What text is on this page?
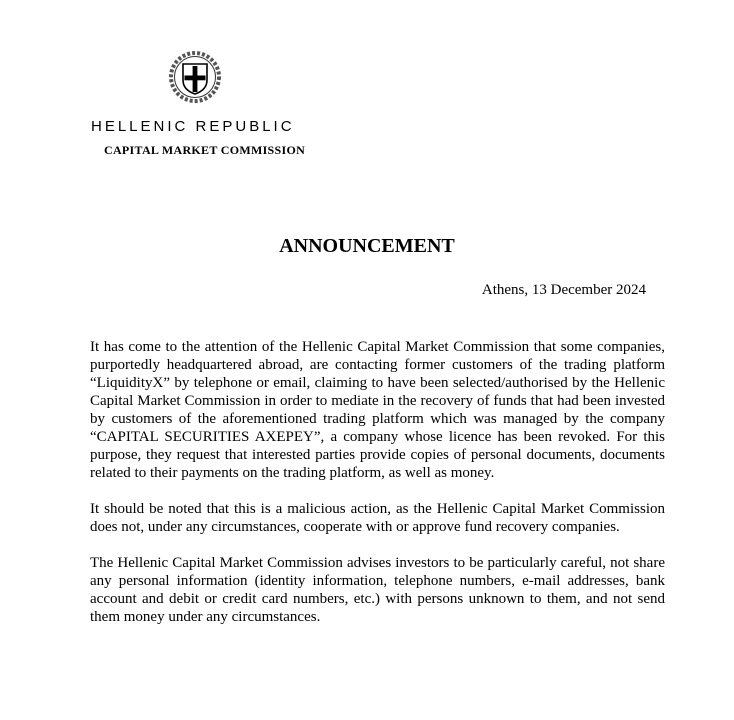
HELLENIC REPUBLIC
CAPITAL MARKET COMMISSION
ANNOUNCEMENT
Athens, 13 December 2024

It has come to the attention of the Hellenic Capital Market Commission that some companies, purportedly headquartered abroad, are contacting former customers of the trading platform “LiquidityX” by telephone or email, claiming to have been selected/authorised by the Hellenic Capital Market Commission in order to mediate in the recovery of funds that had been invested by customers of the aforementioned trading platform which was managed by the company “CAPITAL SECURITIES AXEPEY”, a company whose licence has been revoked. For this purpose, they request that interested parties provide copies of personal documents, documents related to their payments on the trading platform, as well as money.

It should be noted that this is a malicious action, as the Hellenic Capital Market Commission does not, under any circumstances, cooperate with or approve fund recovery companies.

The Hellenic Capital Market Commission advises investors to be particularly careful, not share any personal information (identity information, telephone numbers, e-mail addresses, bank account and debit or credit card numbers, etc.) with persons unknown to them, and not send them money under any circumstances.
